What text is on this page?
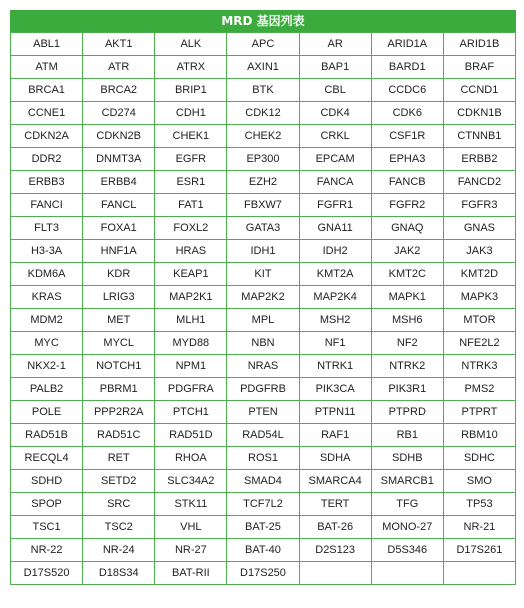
MRD 基因列表
ABL1	AKT1	ALK	APC	AR	ARID1A	ARID1B
ATM	ATR	ATRX	AXIN1	BAP1	BARD1	BRAF
BRCA1	BRCA2	BRIP1	BTK	CBL	CCDC6	CCND1
CCNE1	CD274	CDH1	CDK12	CDK4	CDK6	CDKN1B
CDKN2A	CDKN2B	CHEK1	CHEK2	CRKL	CSF1R	CTNNB1
DDR2	DNMT3A	EGFR	EP300	EPCAM	EPHA3	ERBB2
ERBB3	ERBB4	ESR1	EZH2	FANCA	FANCB	FANCD2
FANCI	FANCL	FAT1	FBXW7	FGFR1	FGFR2	FGFR3
FLT3	FOXA1	FOXL2	GATA3	GNA11	GNAQ	GNAS
H3-3A	HNF1A	HRAS	IDH1	IDH2	JAK2	JAK3
KDM6A	KDR	KEAP1	KIT	KMT2A	KMT2C	KMT2D
KRAS	LRIG3	MAP2K1	MAP2K2	MAP2K4	MAPK1	MAPK3
MDM2	MET	MLH1	MPL	MSH2	MSH6	MTOR
MYC	MYCL	MYD88	NBN	NF1	NF2	NFE2L2
NKX2-1	NOTCH1	NPM1	NRAS	NTRK1	NTRK2	NTRK3
PALB2	PBRM1	PDGFRA	PDGFRB	PIK3CA	PIK3R1	PMS2
POLE	PPP2R2A	PTCH1	PTEN	PTPN11	PTPRD	PTPRT
RAD51B	RAD51C	RAD51D	RAD54L	RAF1	RB1	RBM10
RECQL4	RET	RHOA	ROS1	SDHA	SDHB	SDHC
SDHD	SETD2	SLC34A2	SMAD4	SMARCA4	SMARCB1	SMO
SPOP	SRC	STK11	TCF7L2	TERT	TFG	TP53
TSC1	TSC2	VHL	BAT-25	BAT-26	MONO-27	NR-21
NR-22	NR-24	NR-27	BAT-40	D2S123	D5S346	D17S261
D17S520	D18S34	BAT-RII	D17S250			
